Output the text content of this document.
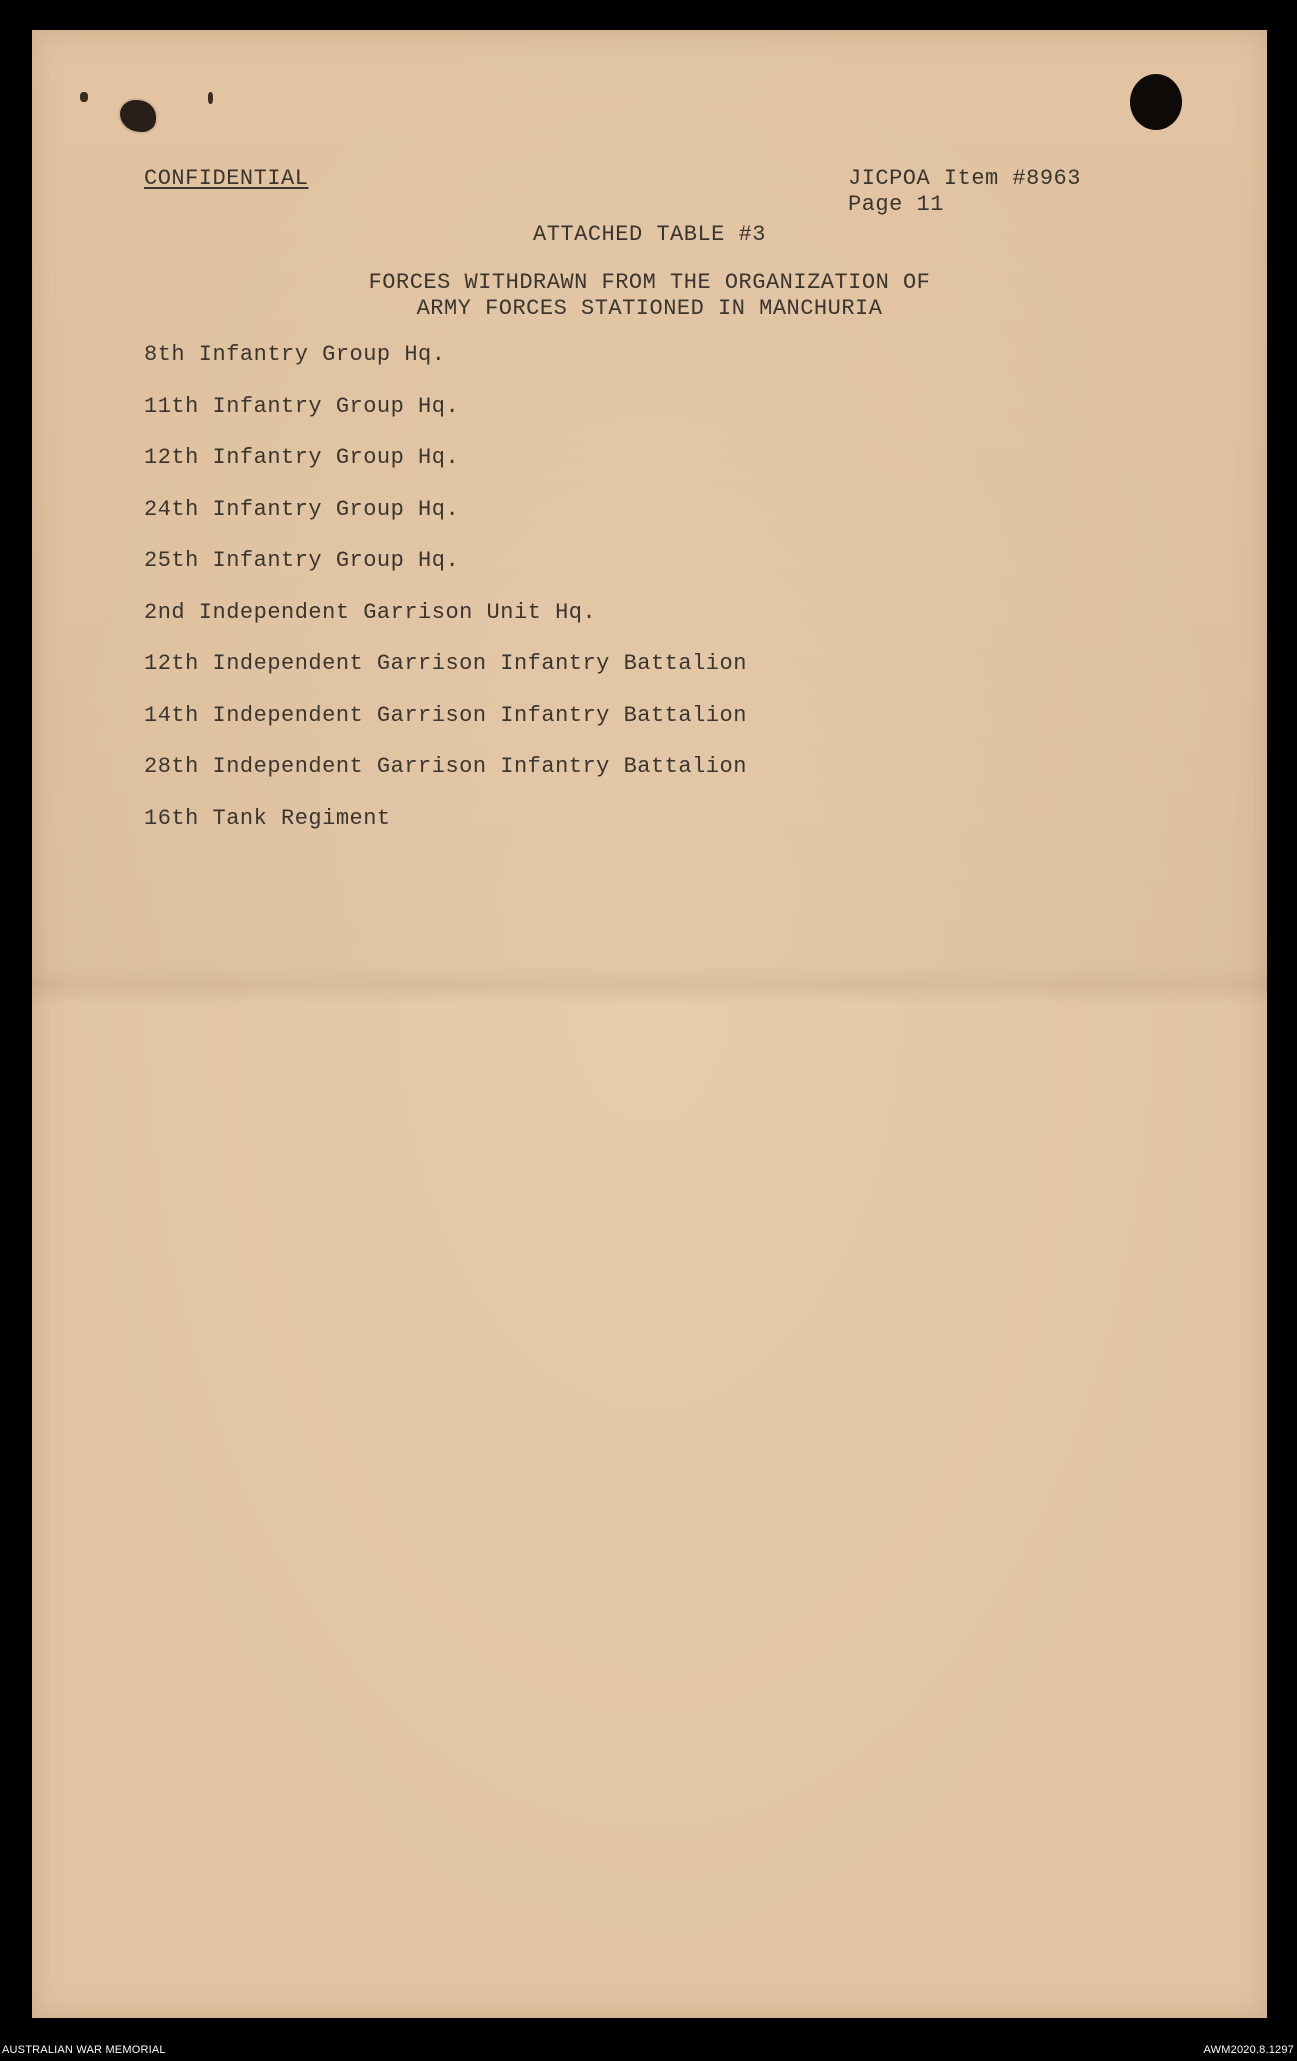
CONFIDENTIAL	JICPOA Item #8963
Page 11
ATTACHED TABLE #3
FORCES WITHDRAWN FROM THE ORGANIZATION OF
ARMY FORCES STATIONED IN MANCHURIA
8th Infantry Group Hq.
11th Infantry Group Hq.
12th Infantry Group Hq.
24th Infantry Group Hq.
25th Infantry Group Hq.
2nd Independent Garrison Unit Hq.
12th Independent Garrison Infantry Battalion
14th Independent Garrison Infantry Battalion
28th Independent Garrison Infantry Battalion
16th Tank Regiment
AUSTRALIAN WAR MEMORIAL	AWM2020.8.1297
